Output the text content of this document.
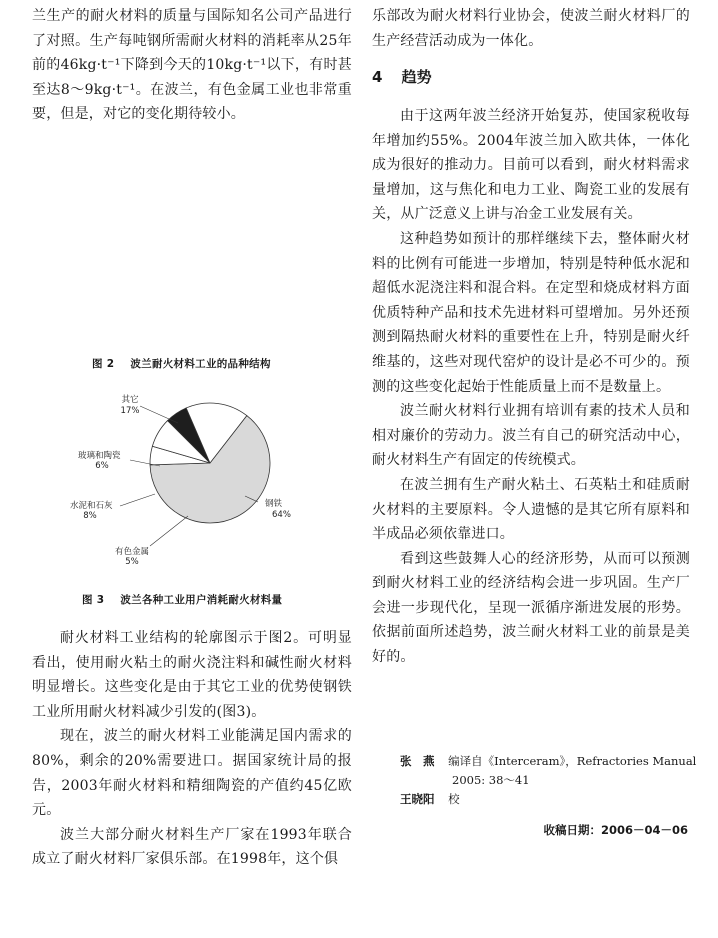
兰生产的耐火材料的质量与国际知名公司产品进行了对照。生产每吨钢所需耐火材料的消耗率从25年前的46kg·t⁻¹下降到今天的10kg·t⁻¹以下，有时甚至达8～9kg·t⁻¹。在波兰，有色金属工业也非常重要，但是，对它的变化期待较小。

图 2 波兰耐火材料工业的品种结构
钢铁
64%
有色金属
5%
水泥和石灰
8%
玻璃和陶瓷
6%
其它
17%
图 3 波兰各种工业用户消耗耐火材料量

耐火材料工业结构的轮廓图示于图2。可明显看出，使用耐火粘土的耐火浇注料和碱性耐火材料明显增长。这些变化是由于其它工业的优势使钢铁工业所用耐火材料减少引发的(图3)。

现在，波兰的耐火材料工业能满足国内需求的80%，剩余的20%需要进口。据国家统计局的报告，2003年耐火材料和精细陶瓷的产值约45亿欧元。

波兰大部分耐火材料生产厂家在1993年联合成立了耐火材料厂家俱乐部。在1998年，这个俱

乐部改为耐火材料行业协会，使波兰耐火材料厂的生产经营活动成为一体化。

4 趋势

由于这两年波兰经济开始复苏，使国家税收每年增加约55%。2004年波兰加入欧共体，一体化成为很好的推动力。目前可以看到，耐火材料需求量增加，这与焦化和电力工业、陶瓷工业的发展有关，从广泛意义上讲与冶金工业发展有关。

这种趋势如预计的那样继续下去，整体耐火材料的比例有可能进一步增加，特别是特种低水泥和超低水泥浇注料和混合料。在定型和烧成材料方面优质特种产品和技术先进材料可望增加。另外还预测到隔热耐火材料的重要性在上升，特别是耐火纤维基的，这些对现代窑炉的设计是必不可少的。预测的这些变化起始于性能质量上而不是数量上。

波兰耐火材料行业拥有培训有素的技术人员和相对廉价的劳动力。波兰有自己的研究活动中心，耐火材料生产有固定的传统模式。

在波兰拥有生产耐火粘土、石英粘土和硅质耐火材料的主要原料。令人遗憾的是其它所有原料和半成品必须依靠进口。

看到这些鼓舞人心的经济形势，从而可以预测到耐火材料工业的经济结构会进一步巩固。生产厂会进一步现代化，呈现一派循序渐进发展的形势。依据前面所述趋势，波兰耐火材料工业的前景是美好的。

张　燕 编译自《Interceram》，Refractories Manual
2005: 38～41
王晓阳 校
收稿日期：2006－04－06
